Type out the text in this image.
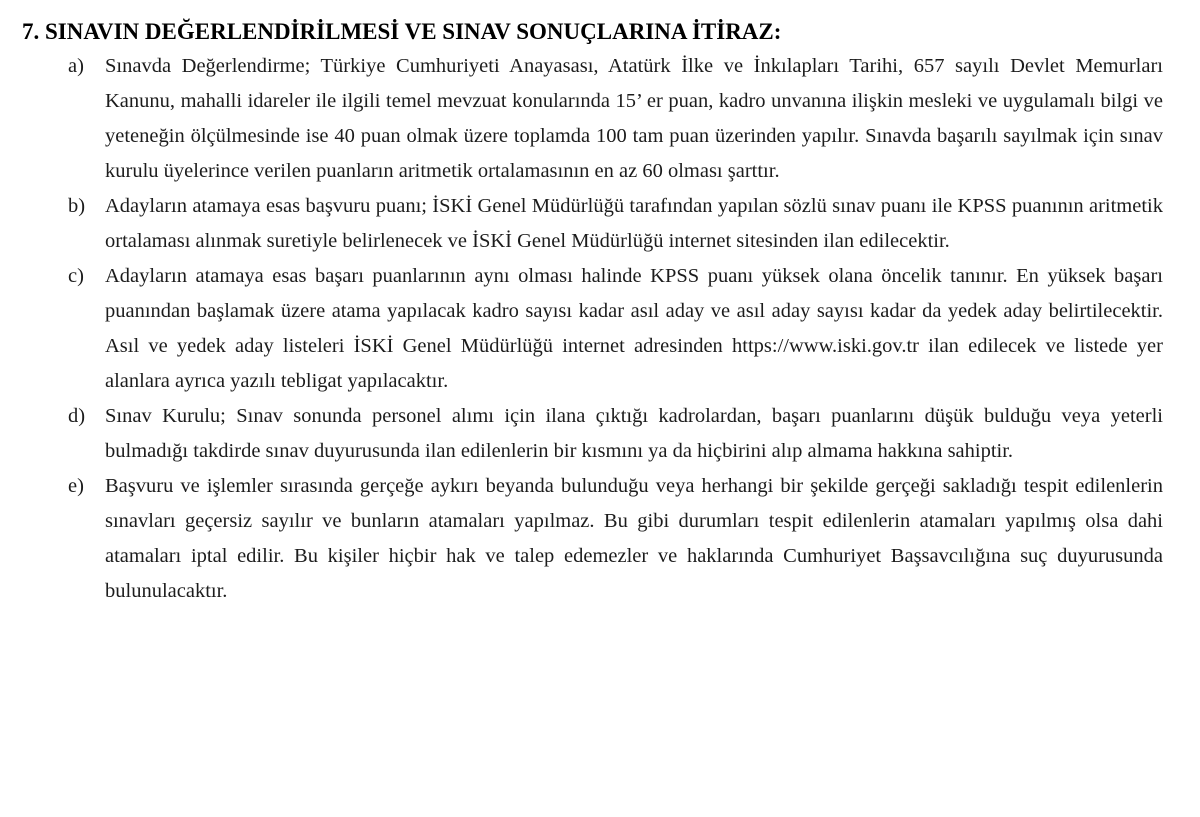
7. SINAVIN DEĞERLENDİRİLMESİ VE SINAV SONUÇLARINA İTİRAZ:
a) Sınavda Değerlendirme; Türkiye Cumhuriyeti Anayasası, Atatürk İlke ve İnkılapları Tarihi, 657 sayılı Devlet Memurları Kanunu, mahalli idareler ile ilgili temel mevzuat konularında 15’ er puan, kadro unvanına ilişkin mesleki ve uygulamalı bilgi ve yeteneğin ölçülmesinde ise 40 puan olmak üzere toplamda 100 tam puan üzerinden yapılır. Sınavda başarılı sayılmak için sınav kurulu üyelerince verilen puanların aritmetik ortalamasının en az 60 olması şarttır.
b) Adayların atamaya esas başvuru puanı; İSKİ Genel Müdürlüğü tarafından yapılan sözlü sınav puanı ile KPSS puanının aritmetik ortalaması alınmak suretiyle belirlenecek ve İSKİ Genel Müdürlüğü internet sitesinden ilan edilecektir.
c) Adayların atamaya esas başarı puanlarının aynı olması halinde KPSS puanı yüksek olana öncelik tanınır. En yüksek başarı puanından başlamak üzere atama yapılacak kadro sayısı kadar asıl aday ve asıl aday sayısı kadar da yedek aday belirtilecektir. Asıl ve yedek aday listeleri İSKİ Genel Müdürlüğü internet adresinden https://www.iski.gov.tr ilan edilecek ve listede yer alanlara ayrıca yazılı tebligat yapılacaktır.
d) Sınav Kurulu; Sınav sonunda personel alımı için ilana çıktığı kadrolardan, başarı puanlarını düşük bulduğu veya yeterli bulmadığı takdirde sınav duyurusunda ilan edilenlerin bir kısmını ya da hiçbirini alıp almama hakkına sahiptir.
e) Başvuru ve işlemler sırasında gerçeğe aykırı beyanda bulunduğu veya herhangi bir şekilde gerçeği sakladığı tespit edilenlerin sınavları geçersiz sayılır ve bunların atamaları yapılmaz. Bu gibi durumları tespit edilenlerin atamaları yapılmış olsa dahi atamaları iptal edilir. Bu kişiler hiçbir hak ve talep edemezler ve haklarında Cumhuriyet Başsavcılığına suç duyurusunda bulunulacaktır.
